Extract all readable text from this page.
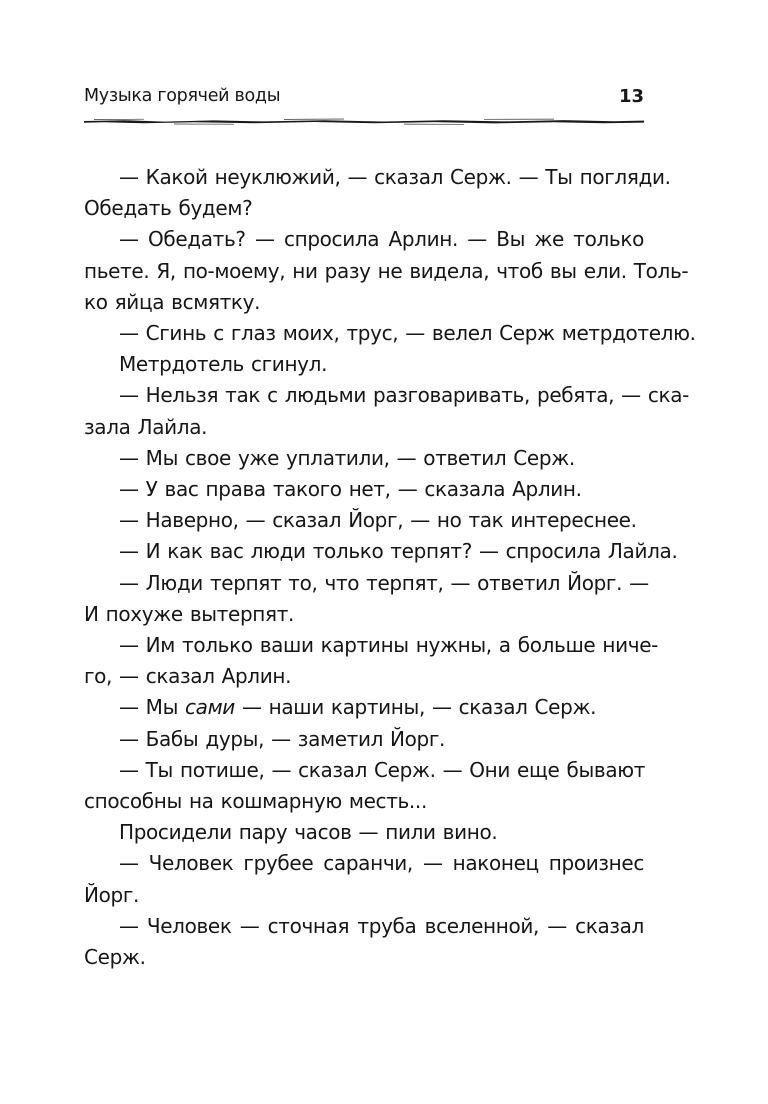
Музыка горячей воды	13

— Какой неуклюжий, — сказал Серж. — Ты погляди.
Обедать будем?

— Обедать? — спросила Арлин. — Вы же только
пьете. Я, по-моему, ни разу не видела, чтоб вы ели. Толь-
ко яйца всмятку.

— Сгинь с глаз моих, трус, — велел Серж метрдотелю.

Метрдотель сгинул.

— Нельзя так с людьми разговаривать, ребята, — ска-
зала Лайла.

— Мы свое уже уплатили, — ответил Серж.

— У вас права такого нет, — сказала Арлин.

— Наверно, — сказал Йорг, — но так интереснее.

— И как вас люди только терпят? — спросила Лайла.

— Люди терпят то, что терпят, — ответил Йорг. —
И похуже вытерпят.

— Им только ваши картины нужны, а больше ниче-
го, — сказал Арлин.

— Мы сами — наши картины, — сказал Серж.

— Бабы дуры, — заметил Йорг.

— Ты потише, — сказал Серж. — Они еще бывают
способны на кошмарную месть...

Просидели пару часов — пили вино.

— Человек грубее саранчи, — наконец произнес
Йорг.

— Человек — сточная труба вселенной, — сказал
Серж.
